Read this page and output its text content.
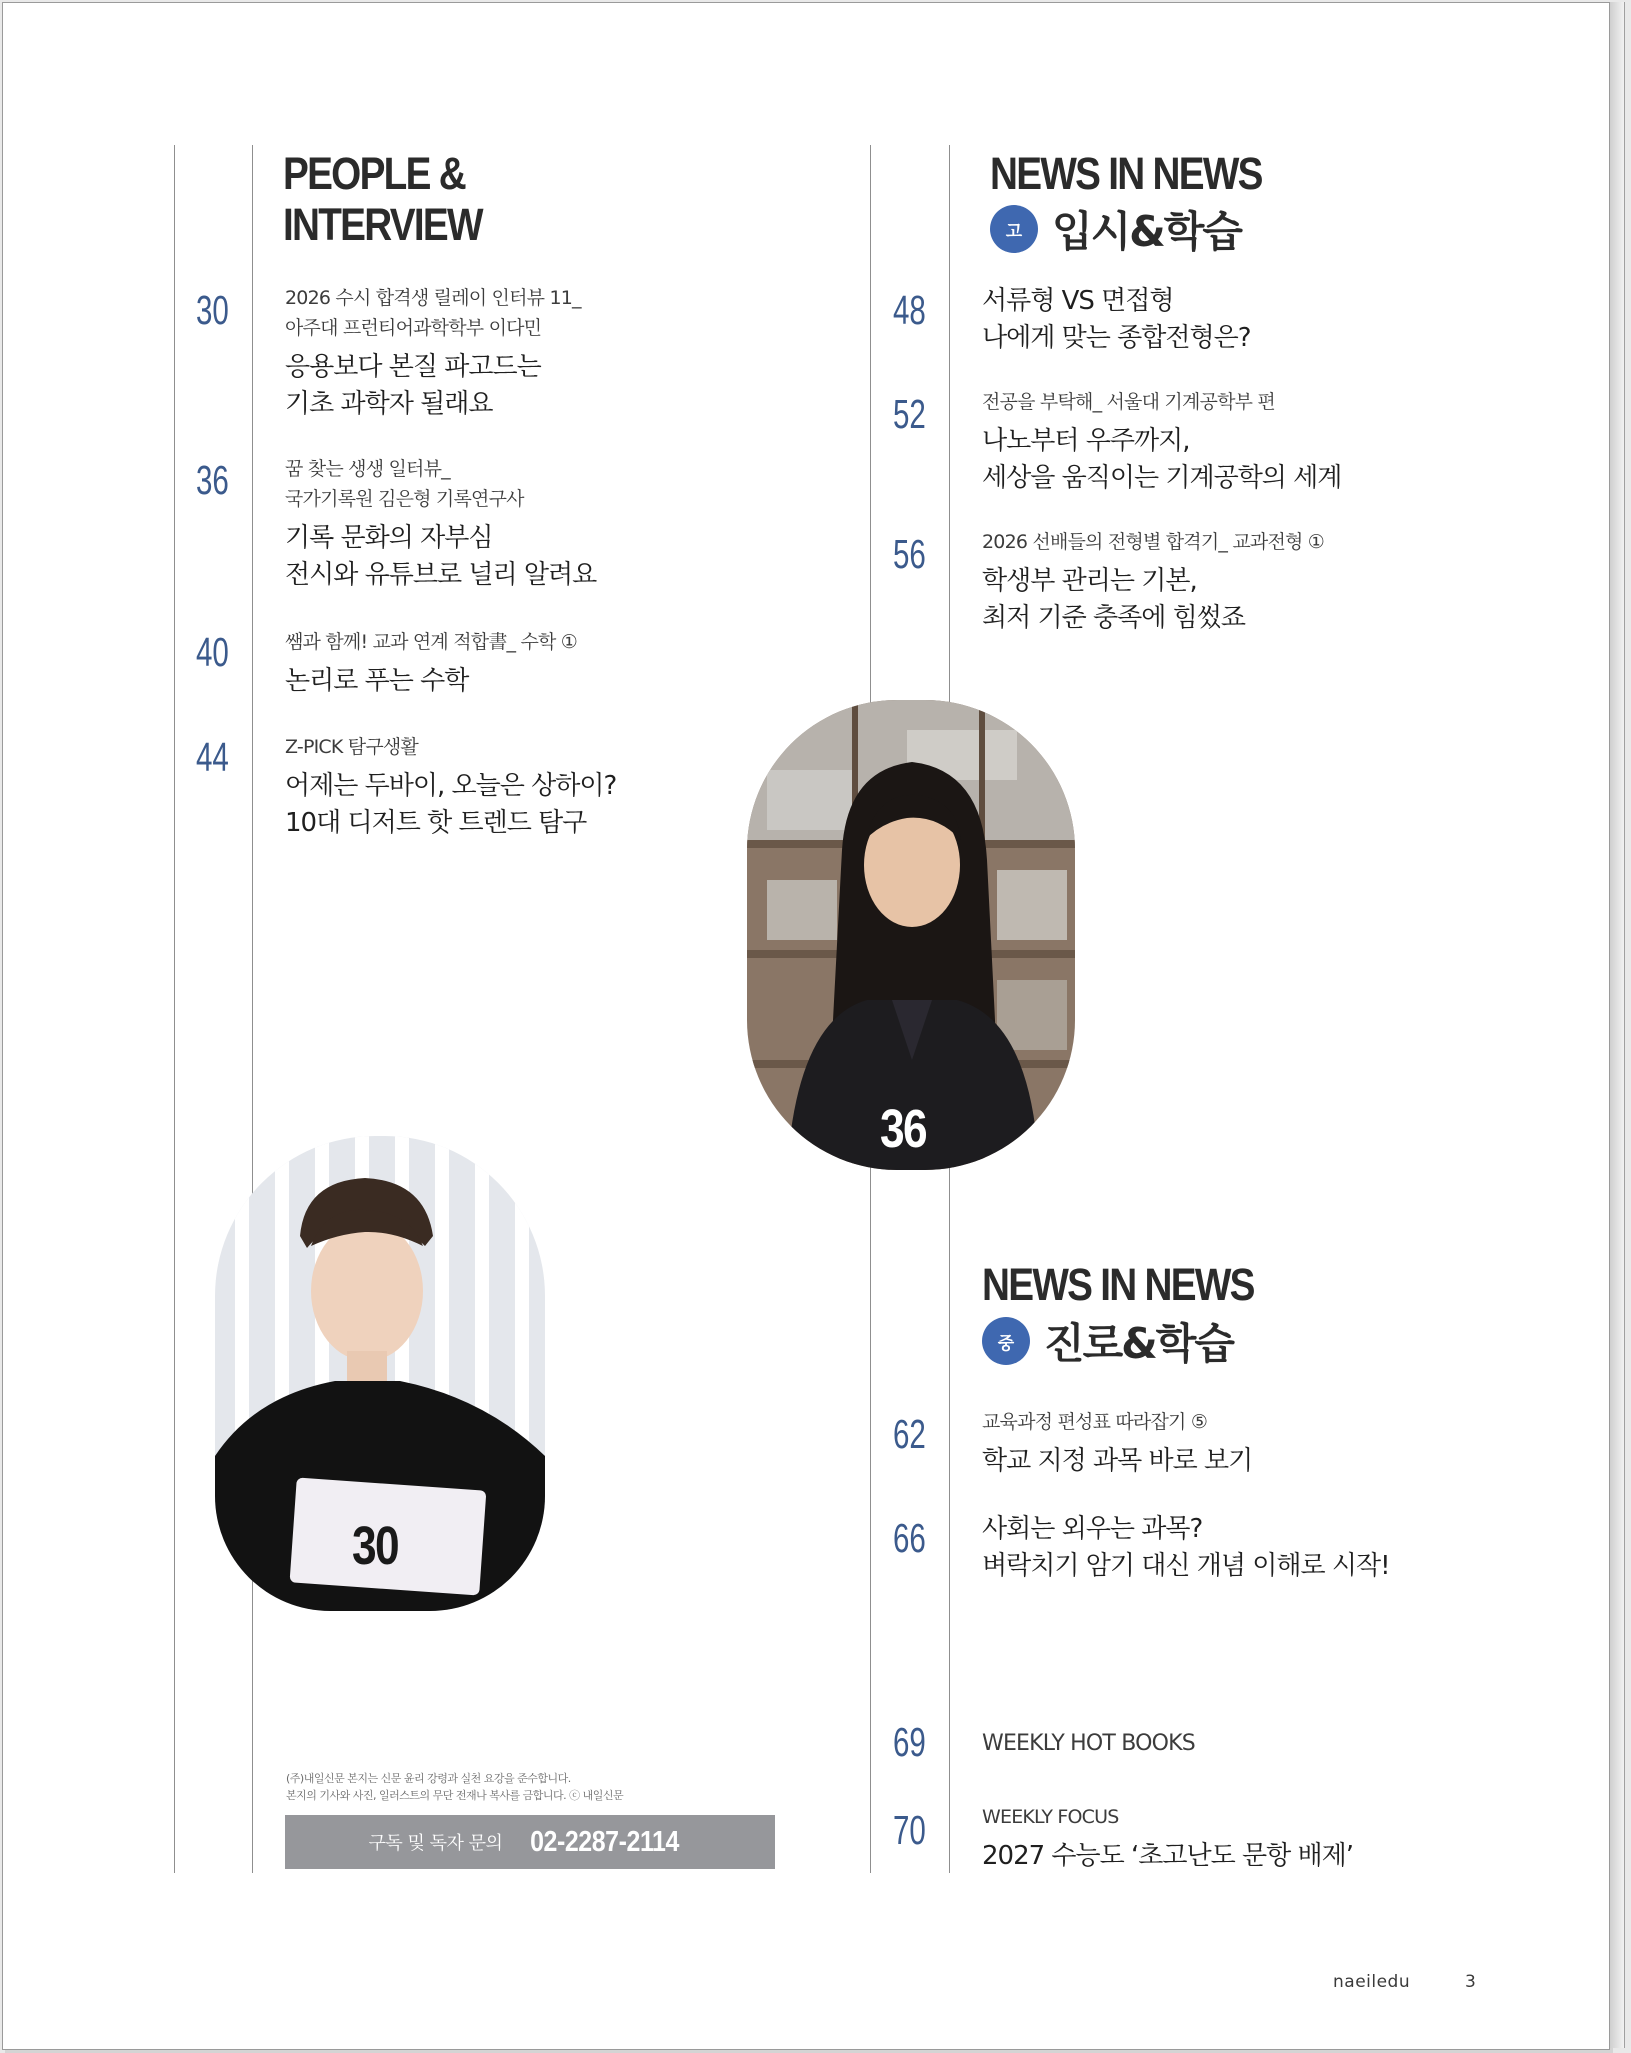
PEOPLE &
INTERVIEW
30	2026 수시 합격생 릴레이 인터뷰 11_
아주대 프런티어과학학부 이다민
응용보다 본질 파고드는
기초 과학자 될래요
36	꿈 찾는 생생 일터뷰_
국가기록원 김은형 기록연구사
기록 문화의 자부심
전시와 유튜브로 널리 알려요
40	쌤과 함께! 교과 연계 적합書_ 수학 ①
논리로 푸는 수학
44	Z-PICK 탐구생활
어제는 두바이, 오늘은 상하이?
10대 디저트 핫 트렌드 탐구
NEWS IN NEWS
고 입시&학습
48 서류형 VS 면접형
나에게 맞는 종합전형은?
52	전공을 부탁해_ 서울대 기계공학부 편
나노부터 우주까지,
세상을 움직이는 기계공학의 세계
56	2026 선배들의 전형별 합격기_ 교과전형 ①
학생부 관리는 기본,
최저 기준 충족에 힘썼죠
36
30
NEWS IN NEWS
중 진로&학습
62	교육과정 편성표 따라잡기 ⑤
학교 지정 과목 바로 보기
66 사회는 외우는 과목?
벼락치기 암기 대신 개념 이해로 시작!
69	WEEKLY HOT BOOKS
70	WEEKLY FOCUS
2027 수능도 ‘초고난도 문항 배제’
(주)내일신문 본지는 신문 윤리 강령과 실천 요강을 준수합니다.
본지의 기사와 사진, 일러스트의 무단 전재나 복사를 금합니다. ⓒ 내일신문
구독 및 독자 문의 02-2287-2114
naeiledu	3
